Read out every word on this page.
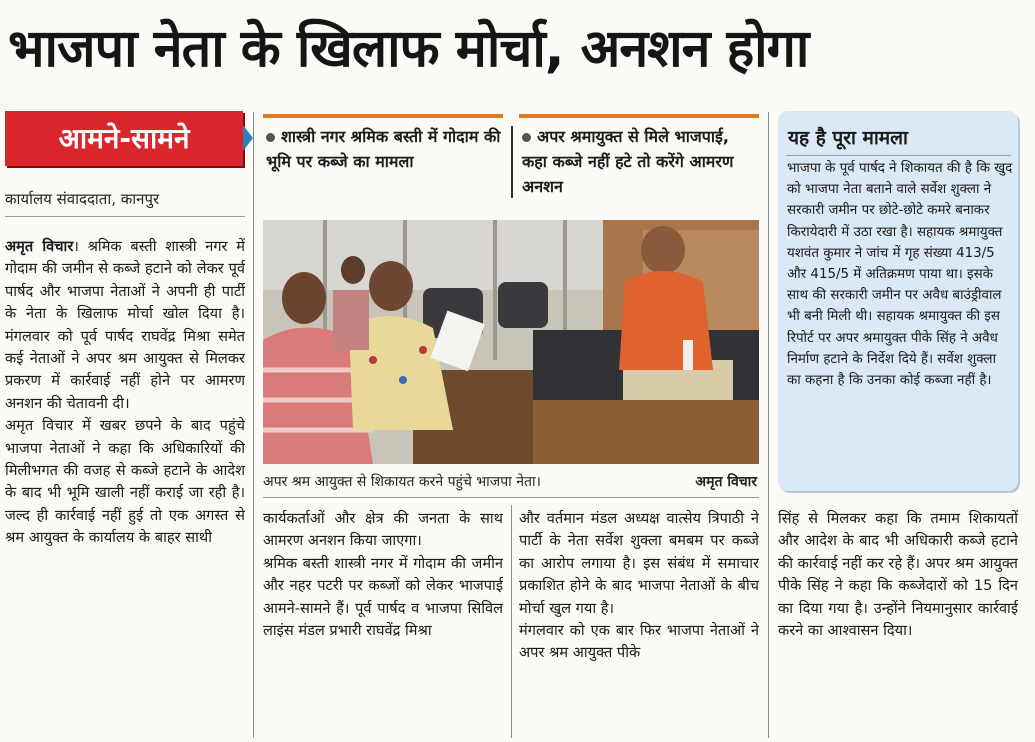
भाजपा नेता के खिलाफ मोर्चा, अनशन होगा
आमने-सामने
कार्यालय संवाददाता, कानपुर

अमृत विचार। श्रमिक बस्ती शास्त्री नगर में गोदाम की जमीन से कब्जे हटाने को लेकर पूर्व पार्षद और भाजपा नेताओं ने अपनी ही पार्टी के नेता के खिलाफ मोर्चा खोल दिया है। मंगलवार को पूर्व पार्षद राघवेंद्र मिश्रा समेत कई नेताओं ने अपर श्रम आयुक्त से मिलकर प्रकरण में कार्रवाई नहीं होने पर आमरण अनशन की चेतावनी दी।

अमृत विचार में खबर छपने के बाद पहुंचे भाजपा नेताओं ने कहा कि अधिकारियों की मिलीभगत की वजह से कब्जे हटाने के आदेश के बाद भी भूमि खाली नहीं कराई जा रही है। जल्द ही कार्रवाई नहीं हुई तो एक अगस्त से श्रम आयुक्त के कार्यालय के बाहर साथी

शास्त्री नगर श्रमिक बस्ती में गोदाम की भूमि पर कब्जे का मामला
अपर श्रमायुक्त से मिले भाजपाई, कहा कब्जे नहीं हटे तो करेंगे आमरण अनशन
अपर श्रम आयुक्त से शिकायत करने पहुंचे भाजपा नेता।	अमृत विचार

कार्यकर्ताओं और क्षेत्र की जनता के साथ आमरण अनशन किया जाएगा।

श्रमिक बस्ती शास्त्री नगर में गोदाम की जमीन और नहर पटरी पर कब्जों को लेकर भाजपाई आमने-सामने हैं। पूर्व पार्षद व भाजपा सिविल लाइंस मंडल प्रभारी राघवेंद्र मिश्रा

और वर्तमान मंडल अध्यक्ष वात्सेय त्रिपाठी ने पार्टी के नेता सर्वेश शुक्ला बमबम पर कब्जे का आरोप लगाया है। इस संबंध में समाचार प्रकाशित होने के बाद भाजपा नेताओं के बीच मोर्चा खुल गया है।

मंगलवार को एक बार फिर भाजपा नेताओं ने अपर श्रम आयुक्त पीके

सिंह से मिलकर कहा कि तमाम शिकायतों और आदेश के बाद भी अधिकारी कब्जे हटाने की कार्रवाई नहीं कर रहे हैं। अपर श्रम आयुक्त पीके सिंह ने कहा कि कब्जेदारों को 15 दिन का दिया गया है। उन्होंने नियमानुसार कार्रवाई करने का आश्वासन दिया।

यह है पूरा मामला
भाजपा के पूर्व पार्षद ने शिकायत की है कि खुद को भाजपा नेता बताने वाले सर्वेश शुक्ला ने सरकारी जमीन पर छोटे-छोटे कमरे बनाकर किरायेदारी में उठा रखा है। सहायक श्रमायुक्त यशवंत कुमार ने जांच में गृह संख्या 413/5 और 415/5 में अतिक्रमण पाया था। इसके साथ की सरकारी जमीन पर अवैध बाउंड्रीवाल भी बनी मिली थी। सहायक श्रमायुक्त की इस रिपोर्ट पर अपर श्रमायुक्त पीके सिंह ने अवैध निर्माण हटाने के निर्देश दिये हैं। सर्वेश शुक्ला का कहना है कि उनका कोई कब्जा नहीं है।
